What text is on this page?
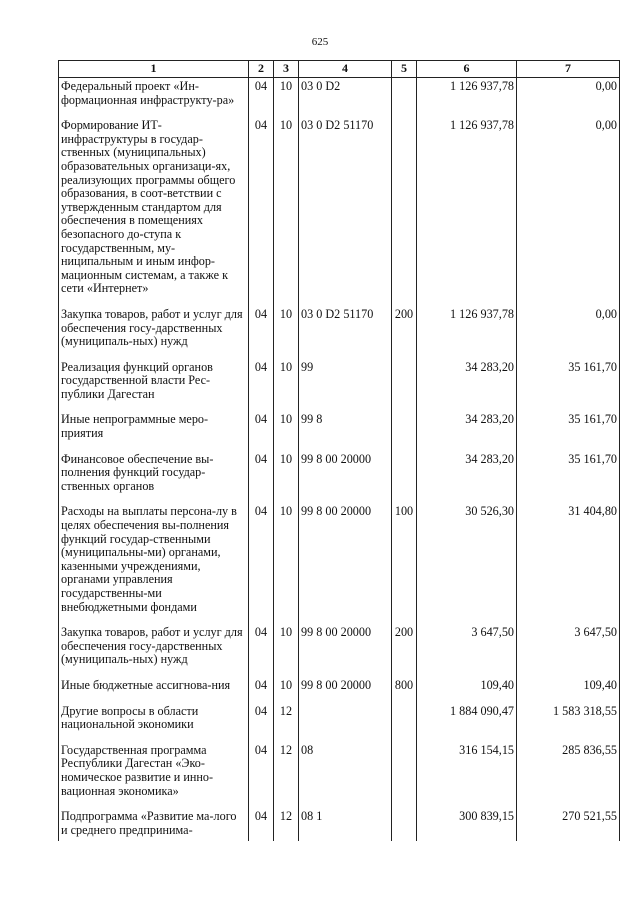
625
1	2	3	4	5	6	7
Федеральный проект «Ин-формационная инфраструкту-ра»	04	10	03 0 D2		1 126 937,78	0,00
Формирование ИТ-инфраструктуры в государ-ственных (муниципальных) образовательных организаци-ях, реализующих программы общего образования, в соот-ветствии с утвержденным стандартом для обеспечения в помещениях безопасного до-ступа к государственным, му-ниципальным и иным инфор-мационным системам, а также к сети «Интернет»	04	10	03 0 D2 51170		1 126 937,78	0,00
Закупка товаров, работ и услуг для обеспечения госу-дарственных (муниципаль-ных) нужд	04	10	03 0 D2 51170	200	1 126 937,78	0,00
Реализация функций органов государственной власти Рес-публики Дагестан	04	10	99		34 283,20	35 161,70
Иные непрограммные меро-приятия	04	10	99 8		34 283,20	35 161,70
Финансовое обеспечение вы-полнения функций государ-ственных органов	04	10	99 8 00 20000		34 283,20	35 161,70
Расходы на выплаты персона-лу в целях обеспечения вы-полнения функций государ-ственными (муниципальны-ми) органами, казенными учреждениями, органами управления государственны-ми внебюджетными фондами	04	10	99 8 00 20000	100	30 526,30	31 404,80
Закупка товаров, работ и услуг для обеспечения госу-дарственных (муниципаль-ных) нужд	04	10	99 8 00 20000	200	3 647,50	3 647,50
Иные бюджетные ассигнова-ния	04	10	99 8 00 20000	800	109,40	109,40
Другие вопросы в области национальной экономики	04	12			1 884 090,47	1 583 318,55
Государственная программа Республики Дагестан «Эко-номическое развитие и инно-вационная экономика»	04	12	08		316 154,15	285 836,55
Подпрограмма «Развитие ма-лого и среднего предпринима-	04	12	08 1		300 839,15	270 521,55
